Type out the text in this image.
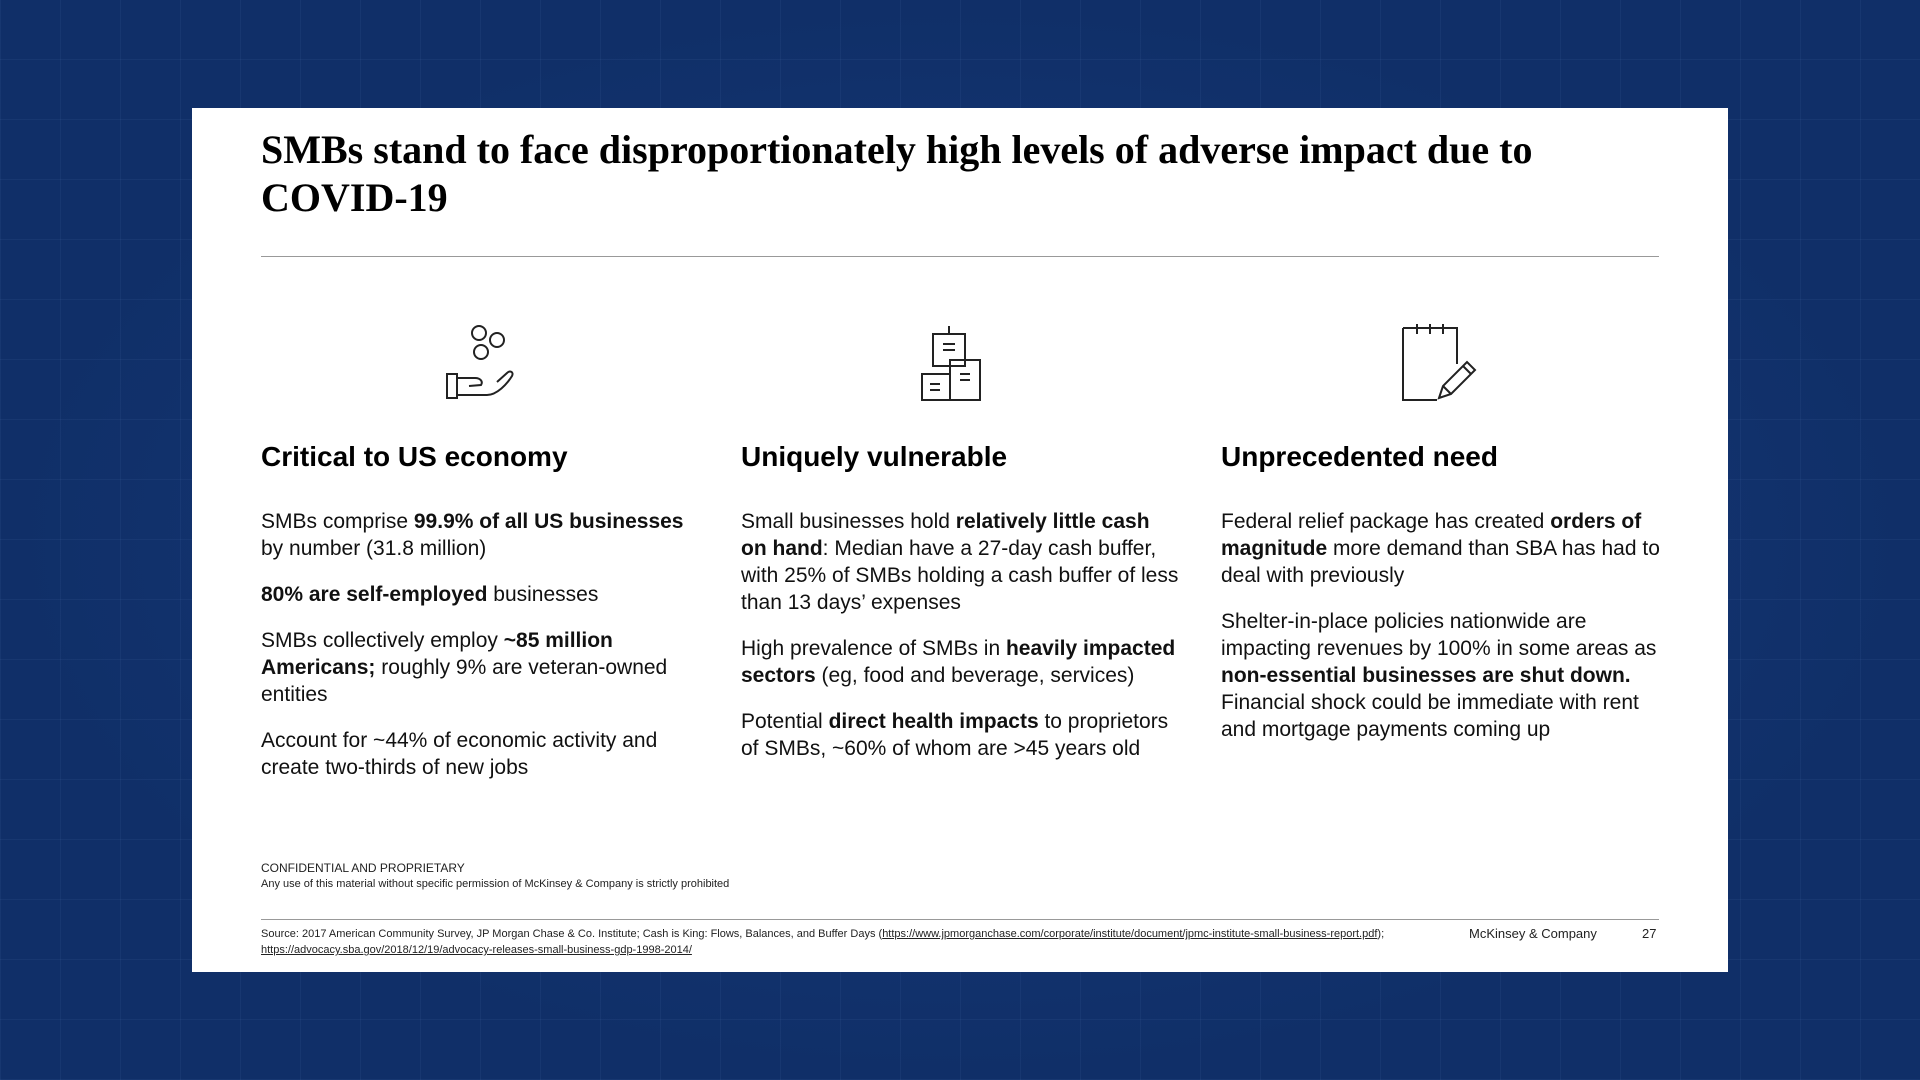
SMBs stand to face disproportionately high levels of adverse impact due to COVID-19
Critical to US economy
SMBs comprise 99.9% of all US businesses by number (31.8 million)
80% are self-employed businesses
SMBs collectively employ ~85 million Americans; roughly 9% are veteran-owned entities
Account for ~44% of economic activity and create two-thirds of new jobs
Uniquely vulnerable
Small businesses hold relatively little cash on hand: Median have a 27-day cash buffer, with 25% of SMBs holding a cash buffer of less than 13 days’ expenses
High prevalence of SMBs in heavily impacted sectors (eg, food and beverage, services)
Potential direct health impacts to proprietors of SMBs, ~60% of whom are >45 years old
Unprecedented need
Federal relief package has created orders of magnitude more demand than SBA has had to deal with previously
Shelter-in-place policies nationwide are impacting revenues by 100% in some areas as non-essential businesses are shut down. Financial shock could be immediate with rent and mortgage payments coming up
CONFIDENTIAL AND PROPRIETARY
Any use of this material without specific permission of McKinsey & Company is strictly prohibited
Source: 2017 American Community Survey, JP Morgan Chase & Co. Institute; Cash is King: Flows, Balances, and Buffer Days (https://www.jpmorganchase.com/corporate/institute/document/jpmc-institute-small-business-report.pdf); https://advocacy.sba.gov/2018/12/19/advocacy-releases-small-business-gdp-1998-2014/
McKinsey & Company	27
